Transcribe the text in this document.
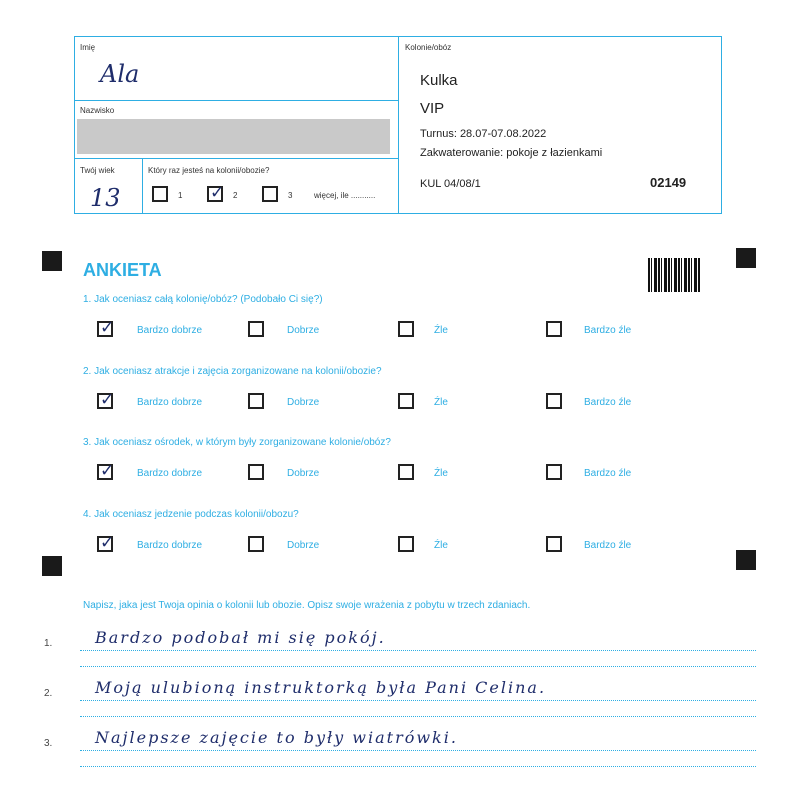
Imię
Ala
Nazwisko
Twój wiek
13
Który raz jesteś na kolonii/obozie?
1
✓	2	3	więcej, ile ...........
Kolonie/obóz
Kulka
VIP
Turnus: 28.07-07.08.2022
Zakwaterowanie: pokoje z łazienkami
KUL 04/08/1	02149
ANKIETA
1. Jak oceniasz całą kolonię/obóz? (Podobało Ci się?)
✓
Bardzo dobrze	Dobrze	Źle	Bardzo źle
2. Jak oceniasz atrakcje i zajęcia zorganizowane na kolonii/obozie?
✓
Bardzo dobrze	Dobrze	Źle	Bardzo źle
3. Jak oceniasz ośrodek, w którym były zorganizowane kolonie/obóz?
✓
Bardzo dobrze	Dobrze	Źle	Bardzo źle
4. Jak oceniasz jedzenie podczas kolonii/obozu?
✓
Bardzo dobrze	Dobrze	Źle	Bardzo źle
Napisz, jaka jest Twoja opinia o kolonii lub obozie. Opisz swoje wrażenia z pobytu w trzech zdaniach.
1.	Bardzo podobał mi się pokój.
2.	Moją ulubioną instruktorką była Pani Celina.
3.	Najlepsze zajęcie to były wiatrówki.
